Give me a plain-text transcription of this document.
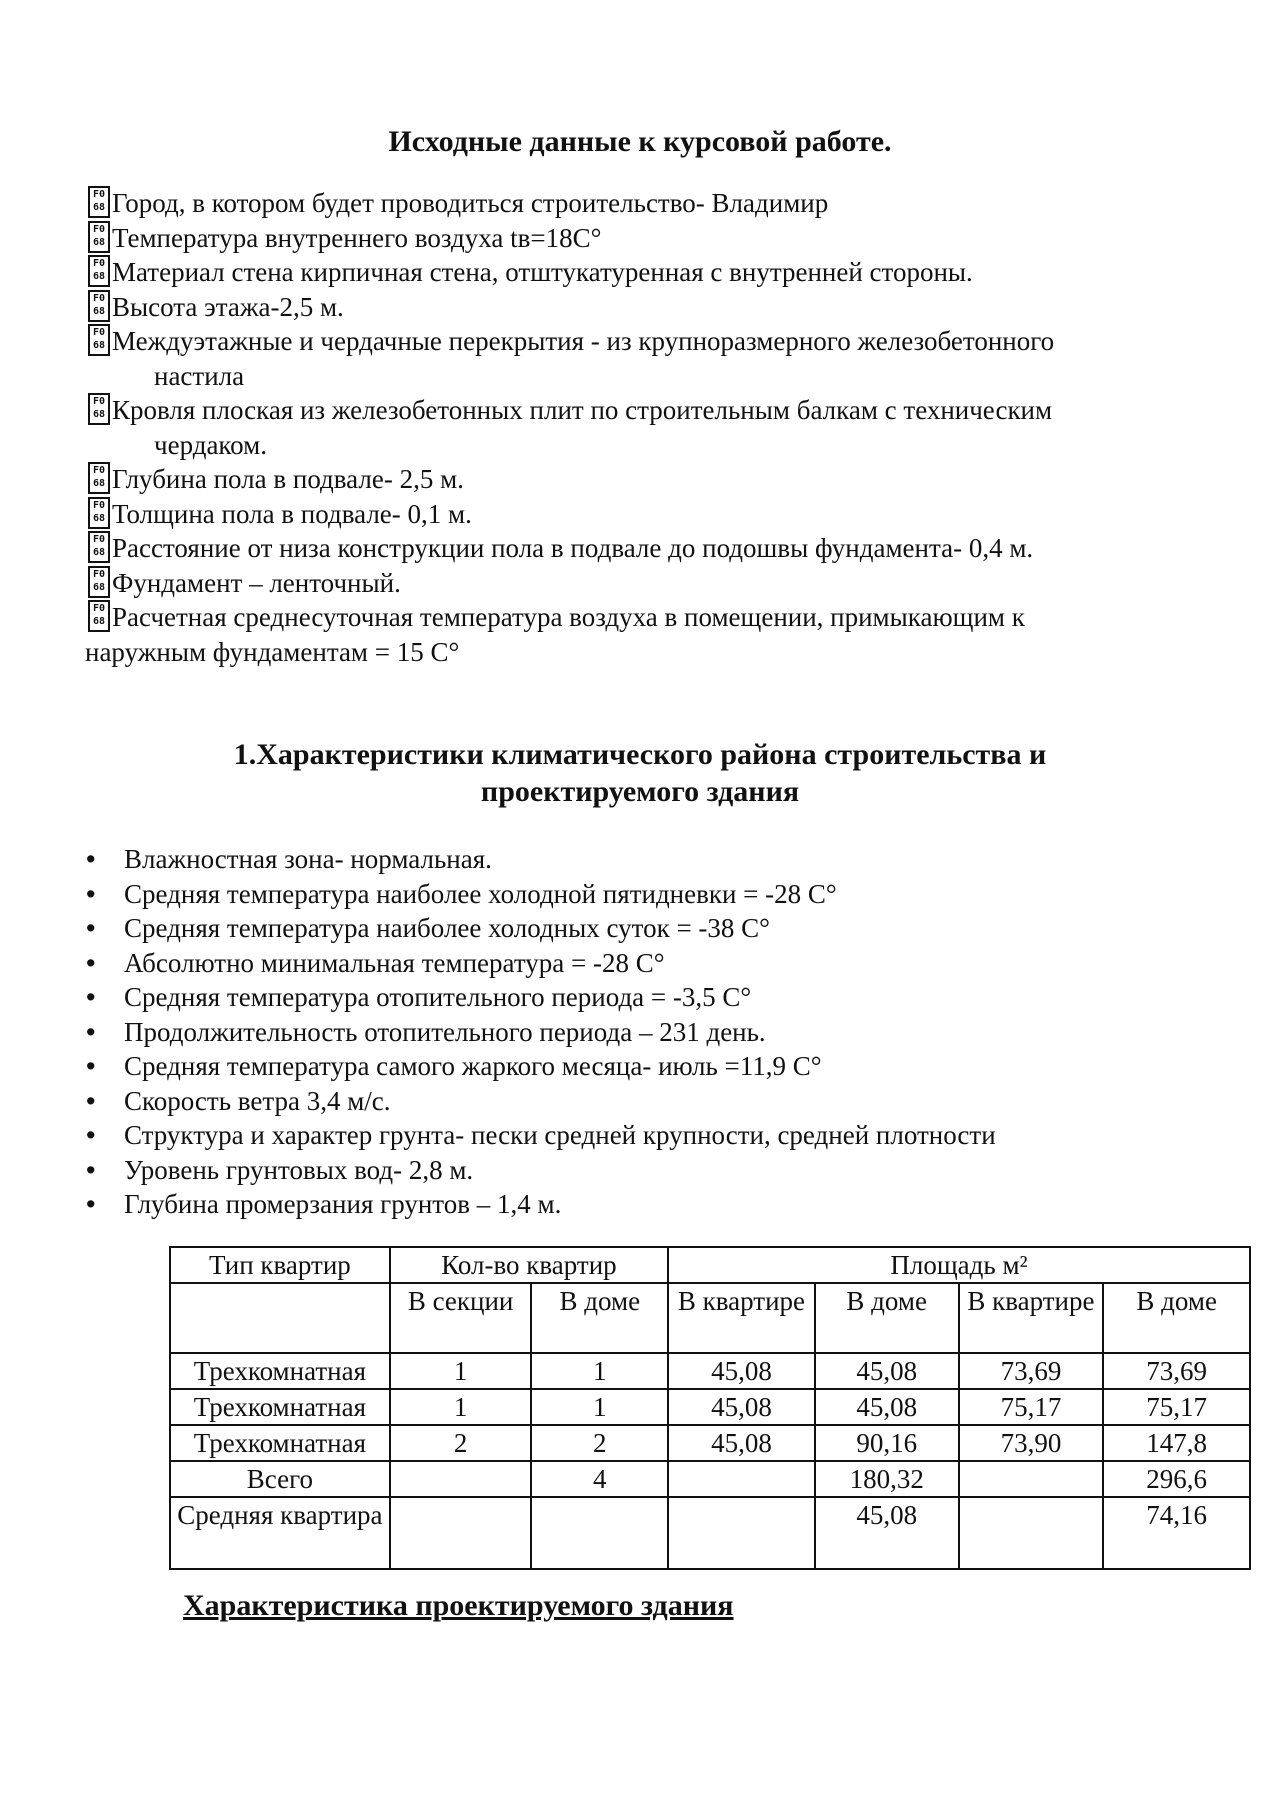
Исходные данные к курсовой работе.
F0
68 Город, в котором будет проводиться строительство- Владимир
F0
68 Температура внутреннего воздуха tв=18С°
F0
68 Материал стена кирпичная стена, отштукатуренная с внутренней стороны.
F0
68 Высота этажа-2,5 м.
F0
68 Междуэтажные и чердачные перекрытия - из крупноразмерного железобетонного
настила
F0
68 Кровля плоская из железобетонных плит по строительным балкам с техническим
чердаком.
F0
68 Глубина пола в подвале- 2,5 м.
F0
68 Толщина пола в подвале- 0,1 м.
F0
68 Расстояние от низа конструкции пола в подвале до подошвы фундамента- 0,4 м.
F0
68 Фундамент – ленточный.
F0
68 Расчетная среднесуточная температура воздуха в помещении, примыкающим к
наружным фундаментам = 15 С°
1.Характеристики климатического района строительства и
проектируемого здания
• Влажностная зона- нормальная.
• Средняя температура наиболее холодной пятидневки = -28 С°
• Средняя температура наиболее холодных суток = -38 С°
• Абсолютно минимальная температура = -28 С°
• Средняя температура отопительного периода = -3,5 С°
• Продолжительность отопительного периода – 231 день.
• Средняя температура самого жаркого месяца- июль =11,9 С°
• Скорость ветра 3,4 м/с.
• Структура и характер грунта- пески средней крупности, средней плотности
• Уровень грунтовых вод- 2,8 м.
• Глубина промерзания грунтов – 1,4 м.
Тип квартир	Кол-во квартир		Площадь м²			
	В секции	В доме	В квартире	В доме	В квартире	В доме
Трехкомнатная	1	1	45,08	45,08	73,69	73,69
Трехкомнатная	1	1	45,08	45,08	75,17	75,17
Трехкомнатная	2	2	45,08	90,16	73,90	147,8
Всего		4		180,32		296,6
Средняя квартира				45,08		74,16
Характеристика проектируемого здания
